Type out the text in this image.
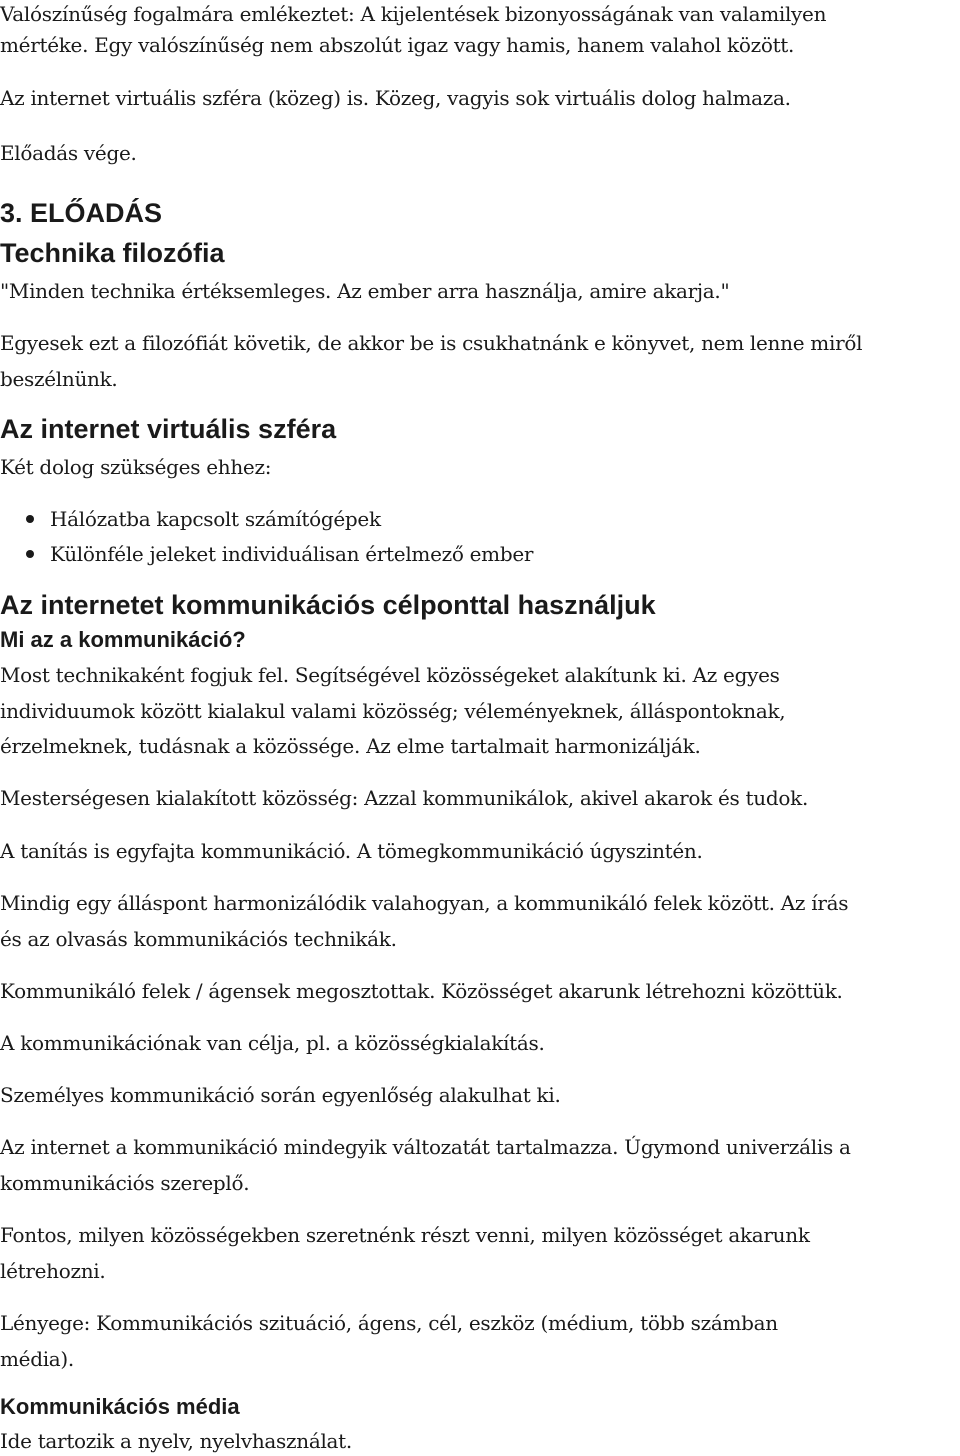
Valószínűség fogalmára emlékeztet: A kijelentések bizonyosságának van valamilyen
mértéke. Egy valószínűség nem abszolút igaz vagy hamis, hanem valahol között.
Az internet virtuális szféra (közeg) is. Közeg, vagyis sok virtuális dolog halmaza.
Előadás vége.
3. ELŐADÁS
Technika filozófia
"Minden technika értéksemleges. Az ember arra használja, amire akarja."
Egyesek ezt a filozófiát követik, de akkor be is csukhatnánk e könyvet, nem lenne miről
beszélnünk.
Az internet virtuális szféra
Két dolog szükséges ehhez:
Hálózatba kapcsolt számítógépek
Különféle jeleket individuálisan értelmező ember
Az internetet kommunikációs célponttal használjuk
Mi az a kommunikáció?
Most technikaként fogjuk fel. Segítségével közösségeket alakítunk ki. Az egyes
individuumok között kialakul valami közösség; véleményeknek, álláspontoknak,
érzelmeknek, tudásnak a közössége. Az elme tartalmait harmonizálják.
Mesterségesen kialakított közösség: Azzal kommunikálok, akivel akarok és tudok.
A tanítás is egyfajta kommunikáció. A tömegkommunikáció úgyszintén.
Mindig egy álláspont harmonizálódik valahogyan, a kommunikáló felek között. Az írás
és az olvasás kommunikációs technikák.
Kommunikáló felek / ágensek megosztottak. Közösséget akarunk létrehozni közöttük.
A kommunikációnak van célja, pl. a közösségkialakítás.
Személyes kommunikáció során egyenlőség alakulhat ki.
Az internet a kommunikáció mindegyik változatát tartalmazza. Úgymond univerzális a
kommunikációs szereplő.
Fontos, milyen közösségekben szeretnénk részt venni, milyen közösséget akarunk
létrehozni.
Lényege: Kommunikációs szituáció, ágens, cél, eszköz (médium, több számban
média).
Kommunikációs média
Ide tartozik a nyelv, nyelvhasználat.
